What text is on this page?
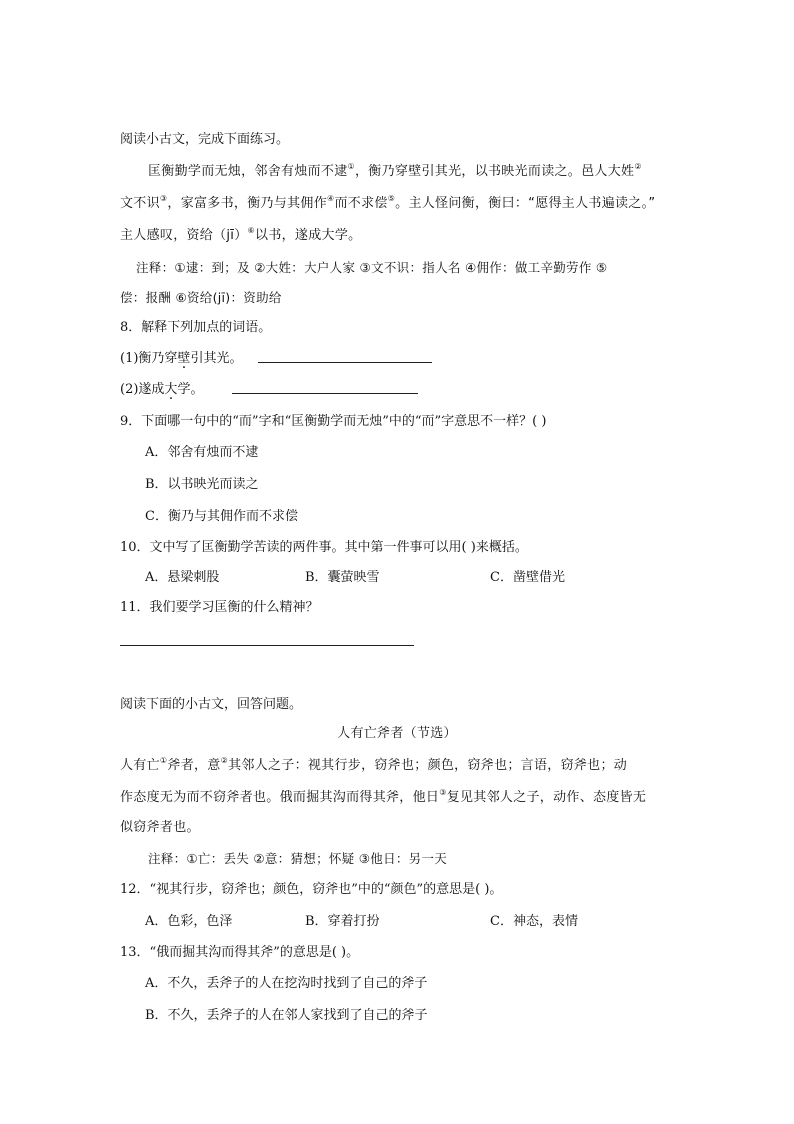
阅读小古文，完成下面练习。
匡衡勤学而无烛，邻舍有烛而不逮①，衡乃穿壁引其光，以书映光而读之。邑人大姓②
文不识③，家富多书，衡乃与其佣作④而不求偿⑤。主人怪问衡，衡曰：“愿得主人书遍读之。”
主人感叹，资给（jī）⑥以书，遂成大学。
注释：①逮：到；及 ②大姓：大户人家 ③文不识：指人名 ④佣作：做工辛勤劳作 ⑤
偿：报酬 ⑥资给(jī)：资助给
8．解释下列加点的词语。
(1)衡乃穿壁引其光。
(2)遂成大学。
9．下面哪一句中的“而”字和“匡衡勤学而无烛”中的“而”字意思不一样？( )
A．邻舍有烛而不逮
B．以书映光而读之
C．衡乃与其佣作而不求偿
10．文中写了匡衡勤学苦读的两件事。其中第一件事可以用( )来概括。
A．悬梁刺股	B．囊萤映雪	C．凿壁借光
11．我们要学习匡衡的什么精神？
阅读下面的小古文，回答问题。
人有亡斧者（节选）
人有亡①斧者，意②其邻人之子：视其行步，窃斧也；颜色，窃斧也；言语，窃斧也；动
作态度无为而不窃斧者也。俄而掘其沟而得其斧，他日③复见其邻人之子，动作、态度皆无
似窃斧者也。
注释：①亡：丢失 ②意：猜想；怀疑 ③他日：另一天
12．“视其行步，窃斧也；颜色，窃斧也”中的“颜色”的意思是( )。
A．色彩，色泽	B．穿着打扮	C．神态，表情
13．“俄而掘其沟而得其斧”的意思是( )。
A．不久，丢斧子的人在挖沟时找到了自己的斧子
B．不久，丢斧子的人在邻人家找到了自己的斧子
